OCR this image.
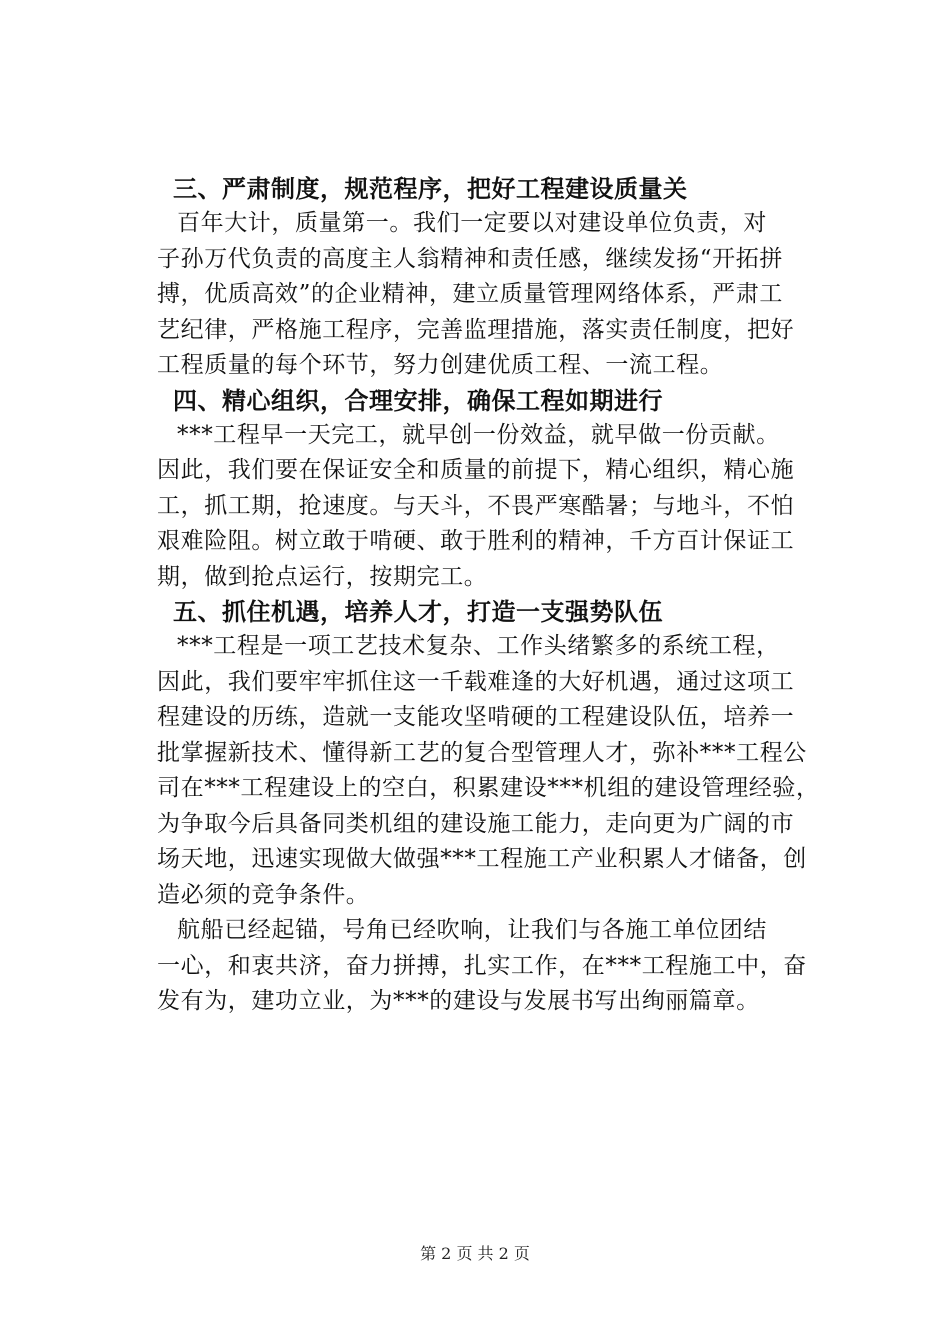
三、严肃制度，规范程序，把好工程建设质量关

百年大计，质量第一。我们一定要以对建设单位负责，对

子孙万代负责的高度主人翁精神和责任感，继续发扬“开拓拼

搏，优质高效”的企业精神，建立质量管理网络体系，严肃工

艺纪律，严格施工程序，完善监理措施，落实责任制度，把好

工程质量的每个环节，努力创建优质工程、一流工程。

四、精心组织，合理安排，确保工程如期进行

***工程早一天完工，就早创一份效益，就早做一份贡献。

因此，我们要在保证安全和质量的前提下，精心组织，精心施

工，抓工期，抢速度。与天斗，不畏严寒酷暑；与地斗，不怕

艰难险阻。树立敢于啃硬、敢于胜利的精神，千方百计保证工

期，做到抢点运行，按期完工。

五、抓住机遇，培养人才，打造一支强势队伍

***工程是一项工艺技术复杂、工作头绪繁多的系统工程，

因此，我们要牢牢抓住这一千载难逢的大好机遇，通过这项工

程建设的历练，造就一支能攻坚啃硬的工程建设队伍，培养一

批掌握新技术、懂得新工艺的复合型管理人才，弥补***工程公

司在***工程建设上的空白，积累建设***机组的建设管理经验，

为争取今后具备同类机组的建设施工能力，走向更为广阔的市

场天地，迅速实现做大做强***工程施工产业积累人才储备，创

造必须的竞争条件。

航船已经起锚，号角已经吹响，让我们与各施工单位团结

一心，和衷共济，奋力拼搏，扎实工作，在***工程施工中，奋

发有为，建功立业，为***的建设与发展书写出绚丽篇章。

第 2 页 共 2 页
